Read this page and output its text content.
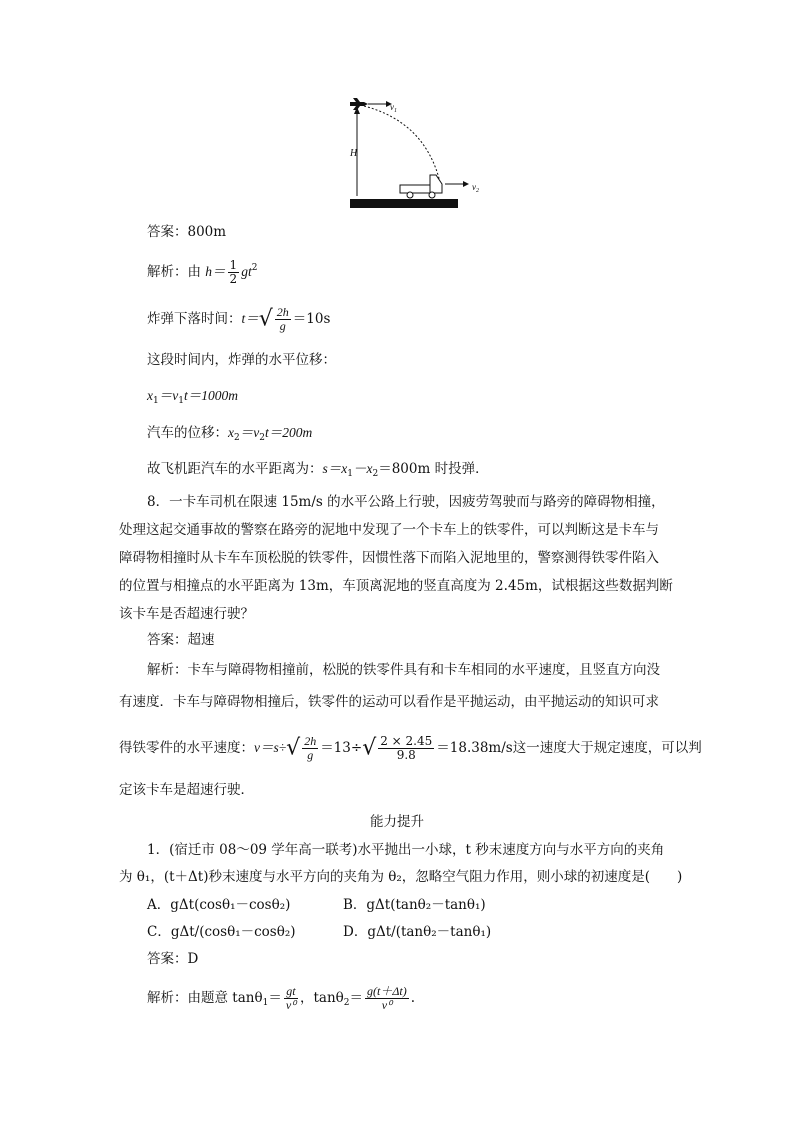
$v_1$
H
$v_2$
答案：800m
解析：由 $h= \frac{1}{2} gt^2$
炸弹下落时间：$t=√ \frac{2h}{g} =10s$
这段时间内，炸弹的水平位移：
$x_1=v_1t=1000m$
汽车的位移：$x_2=v_2t=200m$
故飞机距汽车的水平距离为：$s=x_1-x_2=800m$ 时投弹．
8．一卡车司机在限速 15m/s 的水平公路上行驶，因疲劳驾驶而与路旁的障碍物相撞，
处理这起交通事故的警察在路旁的泥地中发现了一个卡车上的铁零件，可以判断这是卡车与
障碍物相撞时从卡车车顶松脱的铁零件，因惯性落下而陷入泥地里的，警察测得铁零件陷入
的位置与相撞点的水平距离为 13m，车顶离泥地的竖直高度为 2.45m，试根据这些数据判断
该卡车是否超速行驶？
答案：超速
解析：卡车与障碍物相撞前，松脱的铁零件具有和卡车相同的水平速度，且竖直方向没
有速度．卡车与障碍物相撞后，铁零件的运动可以看作是平抛运动，由平抛运动的知识可求
得铁零件的水平速度：$v=s\div√ \frac{2h}{g} =13\div√ \frac{2 \times 2.45}{9.8} =18.38m/s$这一速度大于规定速度，可以判
定该卡车是超速行驶．
能力提升
1．(宿迁市 08～09 学年高一联考)水平抛出一小球，t 秒末速度方向与水平方向的夹角
为 θ₁，(t＋Δt)秒末速度与水平方向的夹角为 θ₂，忽略空气阻力作用，则小球的初速度是(　　)
A．gΔt(cosθ₁－cosθ₂)	B．gΔt(tanθ₂－tanθ₁)
C．gΔt/(cosθ₁－cosθ₂)	D．gΔt/(tanθ₂－tanθ₁)
答案：D
解析：由题意 $\tan\theta_1= \frac{gt}{\text{v⁰}}$ ，$\tan\theta_2= \frac{g(t+\Delta t)}{\text{v⁰}}$ .
